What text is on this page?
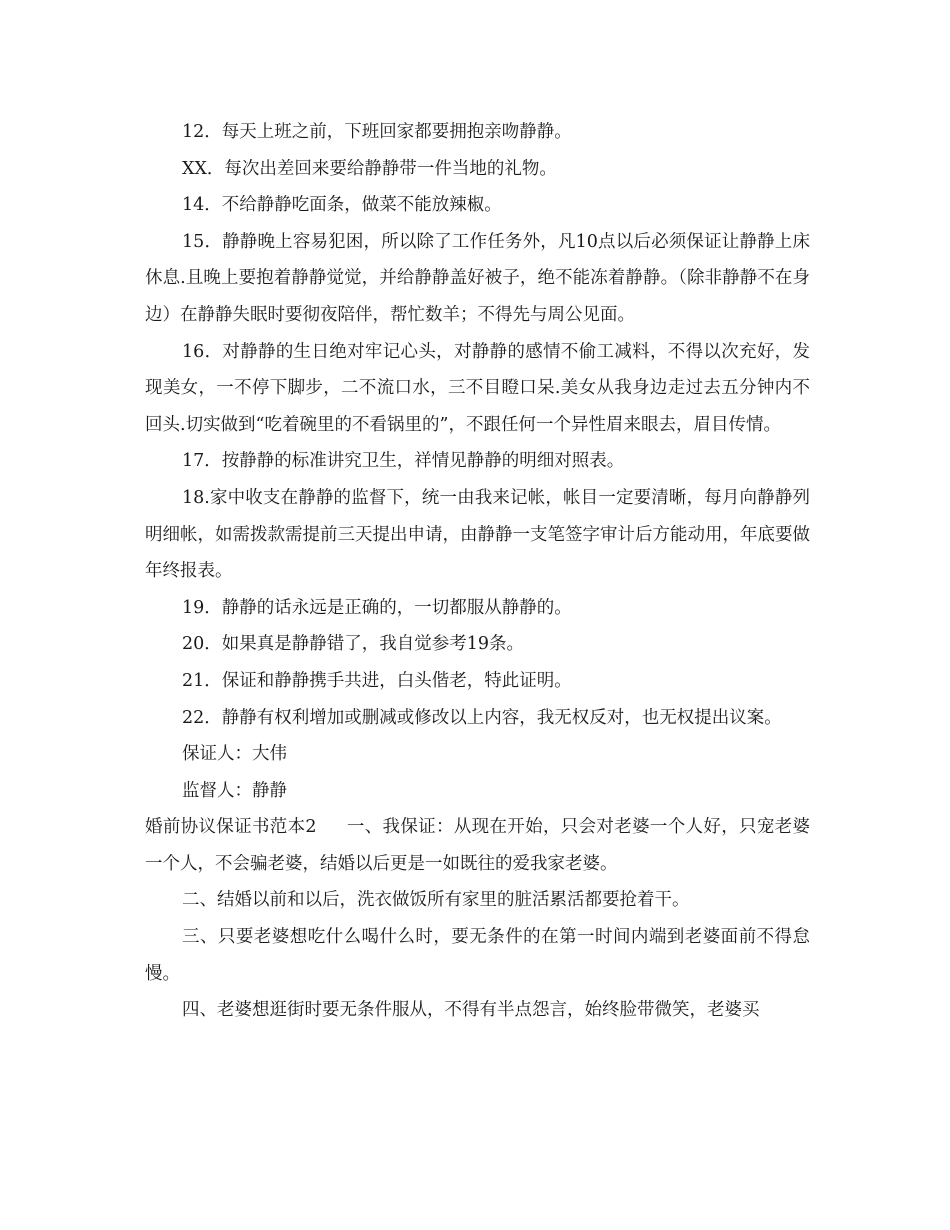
12．每天上班之前，下班回家都要拥抱亲吻静静。

XX．每次出差回来要给静静带一件当地的礼物。

14．不给静静吃面条，做菜不能放辣椒。

15．静静晚上容易犯困，所以除了工作任务外，凡10点以后必须保证让静静上床休息.且晚上要抱着静静觉觉，并给静静盖好被子，绝不能冻着静静。（除非静静不在身边）在静静失眠时要彻夜陪伴，帮忙数羊；不得先与周公见面。

16．对静静的生日绝对牢记心头，对静静的感情不偷工减料，不得以次充好，发现美女，一不停下脚步，二不流口水，三不目瞪口呆.美女从我身边走过去五分钟内不回头.切实做到“吃着碗里的不看锅里的”，不跟任何一个异性眉来眼去，眉目传情。

17．按静静的标准讲究卫生，祥情见静静的明细对照表。

18.家中收支在静静的监督下，统一由我来记帐，帐目一定要清晰，每月向静静列明细帐，如需拨款需提前三天提出申请，由静静一支笔签字审计后方能动用，年底要做年终报表。

19．静静的话永远是正确的，一切都服从静静的。

20．如果真是静静错了，我自觉参考19条。

21．保证和静静携手共进，白头偕老，特此证明。

22．静静有权利增加或删减或修改以上内容，我无权反对，也无权提出议案。

保证人：大伟

监督人：静静

婚前协议保证书范本2 一、我保证：从现在开始，只会对老婆一个人好，只宠老婆一个人，不会骗老婆，结婚以后更是一如既往的爱我家老婆。

二、结婚以前和以后，洗衣做饭所有家里的脏活累活都要抢着干。

三、只要老婆想吃什么喝什么时，要无条件的在第一时间内端到老婆面前不得怠慢。

四、老婆想逛街时要无条件服从，不得有半点怨言，始终脸带微笑，老婆买
